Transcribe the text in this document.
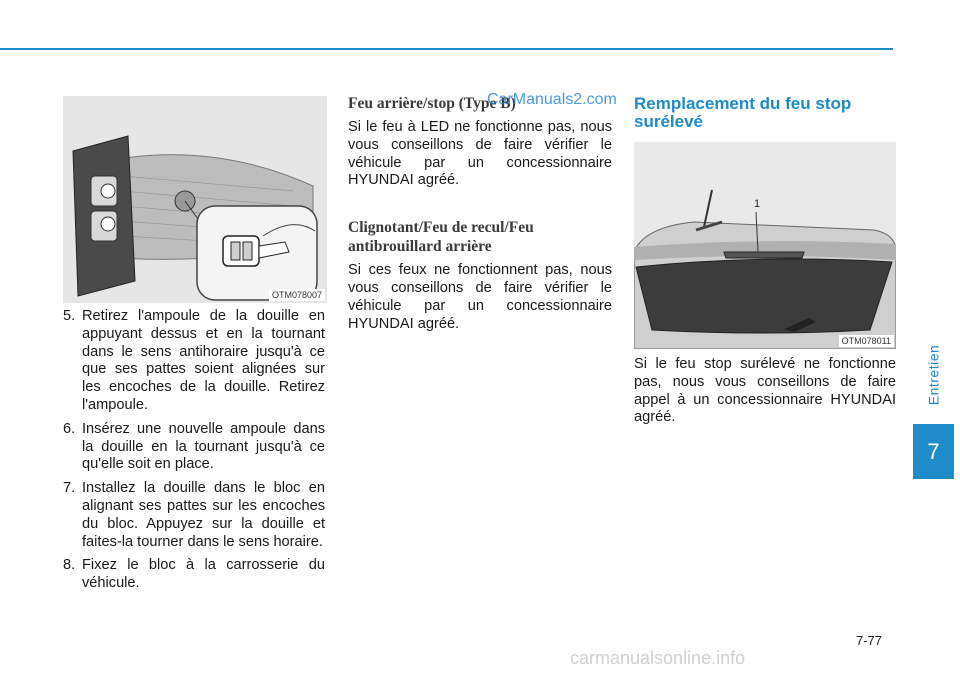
OTM078007
5. Retirez l'ampoule de la douille en appuyant dessus et en la tournant dans le sens antihoraire jusqu'à ce que ses pattes soient alignées sur les encoches de la douille. Retirez l'ampoule.
6. Insérez une nouvelle ampoule dans la douille en la tournant jusqu'à ce qu'elle soit en place.
7. Installez la douille dans le bloc en alignant ses pattes sur les encoches du bloc. Appuyez sur la douille et faites-la tourner dans le sens horaire.
8. Fixez le bloc à la carrosserie du véhicule.
Feu arrière/stop (Type B)
Si le feu à LED ne fonctionne pas, nous vous conseillons de faire vérifier le véhicule par un concessionnaire HYUNDAI agréé.
Clignotant/Feu de recul/Feu antibrouillard arrière
Si ces feux ne fonctionnent pas, nous vous conseillons de faire vérifier le véhicule par un concessionnaire HYUNDAI agréé.
CarManuals2.com Remplacement du feu stop surélevé
1
OTM078011
Si le feu stop surélevé ne fonctionne pas, nous vous conseillons de faire appel à un concessionnaire HYUNDAI agréé.
Entretien
7
7-77
carmanualsonline.info
